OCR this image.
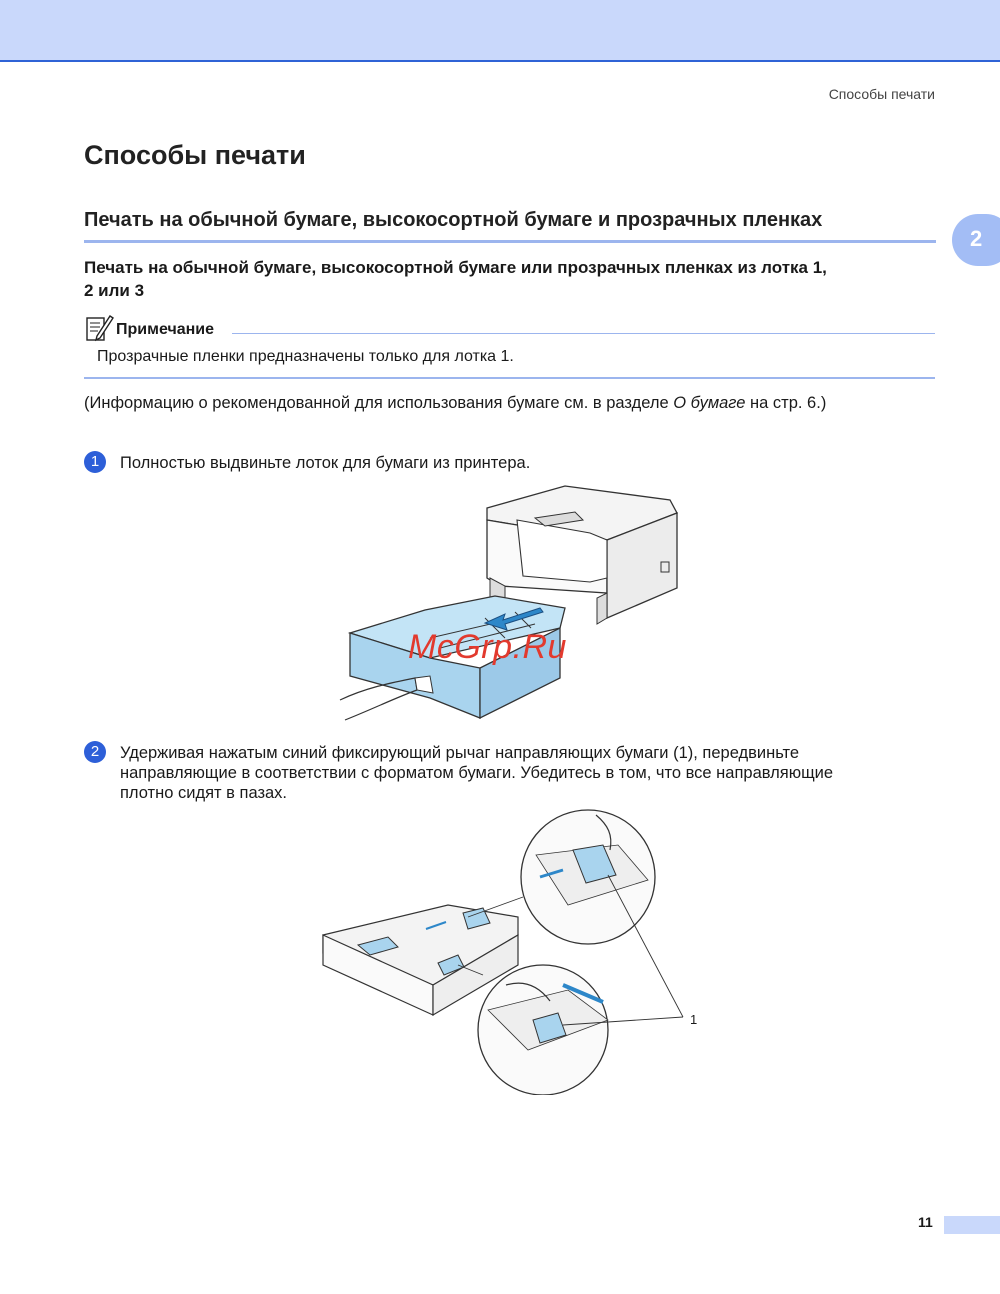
Способы печати
Способы печати
Печать на обычной бумаге, высокосортной бумаге и прозрачных пленках
2
Печать на обычной бумаге, высокосортной бумаге или прозрачных пленках из лотка 1,
2 или 3
Примечание
Прозрачные пленки предназначены только для лотка 1.
(Информацию о рекомендованной для использования бумаге см. в разделе О бумаге на стр. 6.)
1	Полностью выдвиньте лоток для бумаги из принтера.
McGrp.Ru
2	Удерживая нажатым синий фиксирующий рычаг направляющих бумаги (1), передвиньте
направляющие в соответствии с форматом бумаги. Убедитесь в том, что все направляющие
плотно сидят в пазах.
1
11
